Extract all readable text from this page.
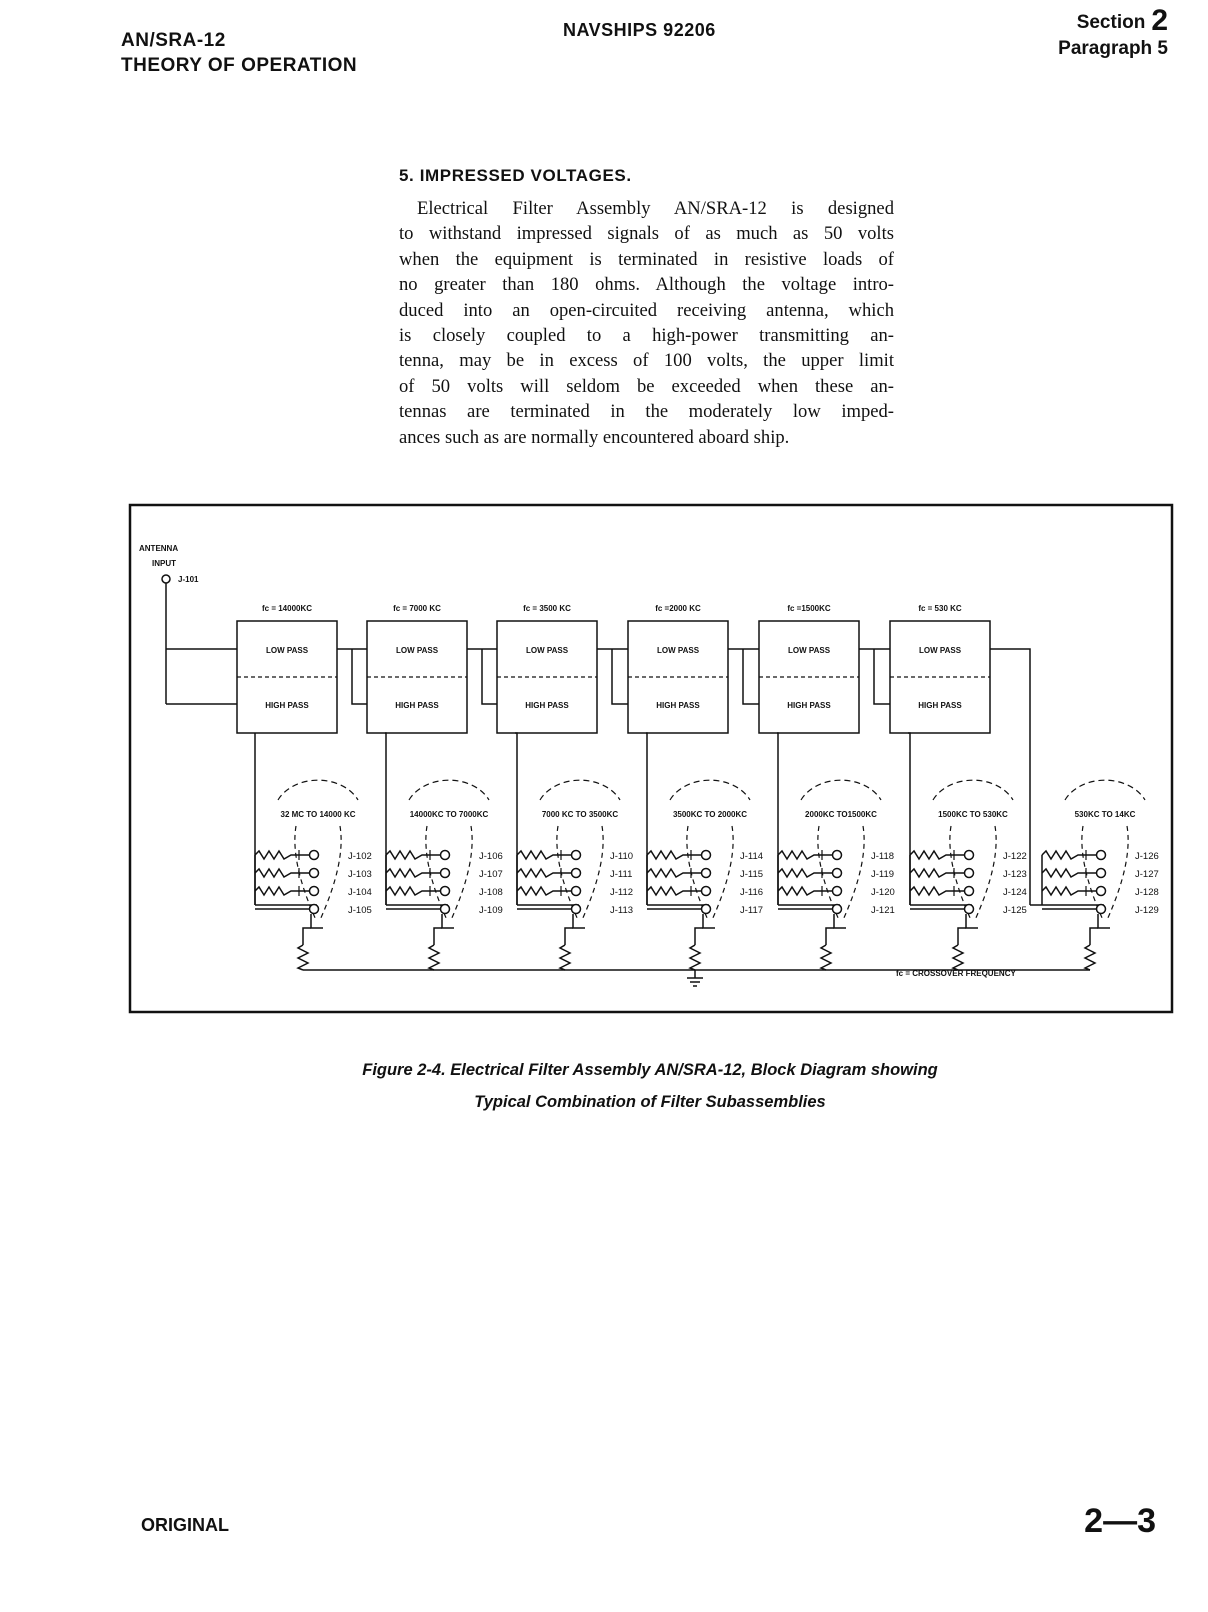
AN/SRA-12
THEORY OF OPERATION
NAVSHIPS 92206	Section 2
Paragraph 5
5. IMPRESSED VOLTAGES.
Electrical Filter Assembly AN/SRA-12 is designed
to withstand impressed signals of as much as 50 volts
when the equipment is terminated in resistive loads of
no greater than 180 ohms. Although the voltage intro-
duced into an open-circuited receiving antenna, which
is closely coupled to a high-power transmitting an-
tenna, may be in excess of 100 volts, the upper limit
of 50 volts will seldom be exceeded when these an-
tennas are terminated in the moderately low imped-
ances such as are normally encountered aboard ship.
ANTENNA
INPUT
J-101
fc = 14000KC
LOW PASS
HIGH PASS
fc = 7000 KC
LOW PASS
HIGH PASS
fc = 3500 KC
LOW PASS
HIGH PASS
fc =2000 KC
LOW PASS
HIGH PASS
fc =1500KC
LOW PASS
HIGH PASS
fc = 530 KC
LOW PASS
HIGH PASS
32 MC TO 14000 KC
J-102
J-103
J-104
J-105
14000KC TO 7000KC
J-106
J-107
J-108
J-109
7000 KC TO 3500KC
J-110
J-111
J-112
J-113
3500KC TO 2000KC
J-114
J-115
J-116
J-117
2000KC TO1500KC
J-118
J-119
J-120
J-121
1500KC TO 530KC
J-122
J-123
J-124
J-125
530KC TO 14KC
J-126
J-127
J-128
J-129
fc = CROSSOVER FREQUENCY
Figure 2-4. Electrical Filter Assembly AN/SRA-12, Block Diagram showing
Typical Combination of Filter Subassemblies
ORIGINAL	2—3
